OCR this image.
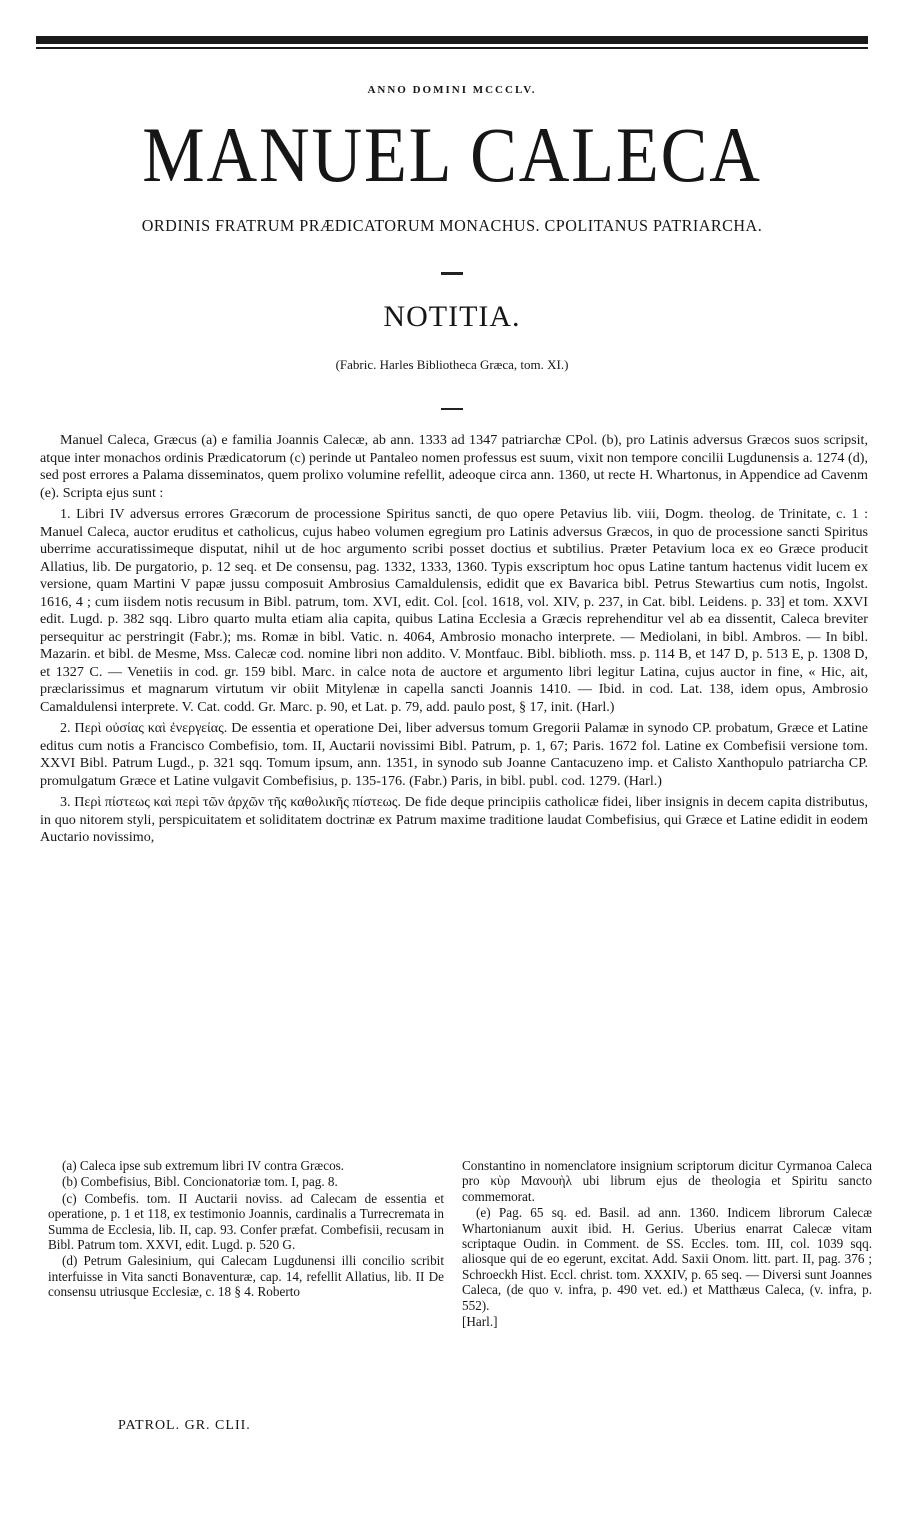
ANNO DOMINI MCCCLV.
MANUEL CALECA
ORDINIS FRATRUM PRÆDICATORUM MONACHUS. CPOLITANUS PATRIARCHA.
NOTITIA.
(Fabric. Harles Bibliotheca Græca, tom. XI.)

Manuel Caleca, Græcus (a) e familia Joannis Calecæ, ab ann. 1333 ad 1347 patriarchæ CPol. (b), pro Latinis adversus Græcos suos scripsit, atque inter monachos ordinis Prædicatorum (c) perinde ut Pantaleo nomen professus est suum, vixit non tempore concilii Lugdunensis a. 1274 (d), sed post errores a Palama disseminatos, quem prolixo volumine refellit, adeoque circa ann. 1360, ut recte H. Whartonus, in Appendice ad Cavenm (e). Scripta ejus sunt :

1. Libri IV adversus errores Græcorum de processione Spiritus sancti, de quo opere Petavius lib. viii, Dogm. theolog. de Trinitate, c. 1 : Manuel Caleca, auctor eruditus et catholicus, cujus habeo volumen egregium pro Latinis adversus Græcos, in quo de processione sancti Spiritus uberrime accuratissimeque disputat, nihil ut de hoc argumento scribi posset doctius et subtilius. Præter Petavium loca ex eo Græce producit Allatius, lib. De purgatorio, p. 12 seq. et De consensu, pag. 1332, 1333, 1360. Typis exscriptum hoc opus Latine tantum hactenus vidit lucem ex versione, quam Martini V papæ jussu composuit Ambrosius Camaldulensis, edidit que ex Bavarica bibl. Petrus Stewartius cum notis, Ingolst. 1616, 4 ; cum iisdem notis recusum in Bibl. patrum, tom. XVI, edit. Col. [col. 1618, vol. XIV, p. 237, in Cat. bibl. Leidens. p. 33] et tom. XXVI edit. Lugd. p. 382 sqq. Libro quarto multa etiam alia capita, quibus Latina Ecclesia a Græcis reprehenditur vel ab ea dissentit, Caleca breviter persequitur ac perstringit (Fabr.); ms. Romæ in bibl. Vatic. n. 4064, Ambrosio monacho interprete. — Mediolani, in bibl. Ambros. — In bibl. Mazarin. et bibl. de Mesme, Mss. Calecæ cod. nomine libri non addito. V. Montfauc. Bibl. biblioth. mss. p. 114 B, et 147 D, p. 513 E, p. 1308 D, et 1327 C. — Venetiis in cod. gr. 159 bibl. Marc. in calce nota de auctore et argumento libri legitur Latina, cujus auctor in fine, « Hic, ait, præclarissimus et magnarum virtutum vir obiit Mitylenæ in capella sancti Joannis 1410. — Ibid. in cod. Lat. 138, idem opus, Ambrosio Camaldulensi interprete. V. Cat. codd. Gr. Marc. p. 90, et Lat. p. 79, add. paulo post, § 17, init. (Harl.)

2. Περὶ οὐσίας καὶ ἐνεργείας. De essentia et operatione Dei, liber adversus tomum Gregorii Palamæ in synodo CP. probatum, Græce et Latine editus cum notis a Francisco Combefisio, tom. II, Auctarii novissimi Bibl. Patrum, p. 1, 67; Paris. 1672 fol. Latine ex Combefisii versione tom. XXVI Bibl. Patrum Lugd., p. 321 sqq. Tomum ipsum, ann. 1351, in synodo sub Joanne Cantacuzeno imp. et Calisto Xanthopulo patriarcha CP. promulgatum Græce et Latine vulgavit Combefisius, p. 135-176. (Fabr.) Paris, in bibl. publ. cod. 1279. (Harl.)

3. Περὶ πίστεως καὶ περὶ τῶν ἀρχῶν τῆς καθολικῆς πίστεως. De fide deque principiis catholicæ fidei, liber insignis in decem capita distributus, in quo nitorem styli, perspicuitatem et soliditatem doctrinæ ex Patrum maxime traditione laudat Combefisius, qui Græce et Latine edidit in eodem Auctario novissimo,

(a) Caleca ipse sub extremum libri IV contra Græcos.

(b) Combefisius, Bibl. Concionatoriæ tom. I, pag. 8.

(c) Combefis. tom. II Auctarii noviss. ad Calecam de essentia et operatione, p. 1 et 118, ex testimonio Joannis, cardinalis a Turrecremata in Summa de Ecclesia, lib. II, cap. 93. Confer præfat. Combefisii, recusam in Bibl. Patrum tom. XXVI, edit. Lugd. p. 520 G.

(d) Petrum Galesinium, qui Calecam Lugdunensi illi concilio scribit interfuisse in Vita sancti Bonaventuræ, cap. 14, refellit Allatius, lib. II De consensu utriusque Ecclesiæ, c. 18 § 4. Roberto

Constantino in nomenclatore insignium scriptorum dicitur Cyrmanoa Caleca pro κὺρ Μανουὴλ ubi librum ejus de theologia et Spiritu sancto commemorat.

(e) Pag. 65 sq. ed. Basil. ad ann. 1360. Indicem librorum Calecæ Whartonianum auxit ibid. H. Gerius. Uberius enarrat Calecæ vitam scriptaque Oudin. in Comment. de SS. Eccles. tom. III, col. 1039 sqq. aliosque qui de eo egerunt, excitat. Add. Saxii Onom. litt. part. II, pag. 376 ; Schroeckh Hist. Eccl. christ. tom. XXXIV, p. 65 seq. — Diversi sunt Joannes Caleca, (de quo v. infra, p. 490 vet. ed.) et Matthæus Caleca, (v. infra, p. 552).

[Harl.]

PATROL. GR. CLII.
